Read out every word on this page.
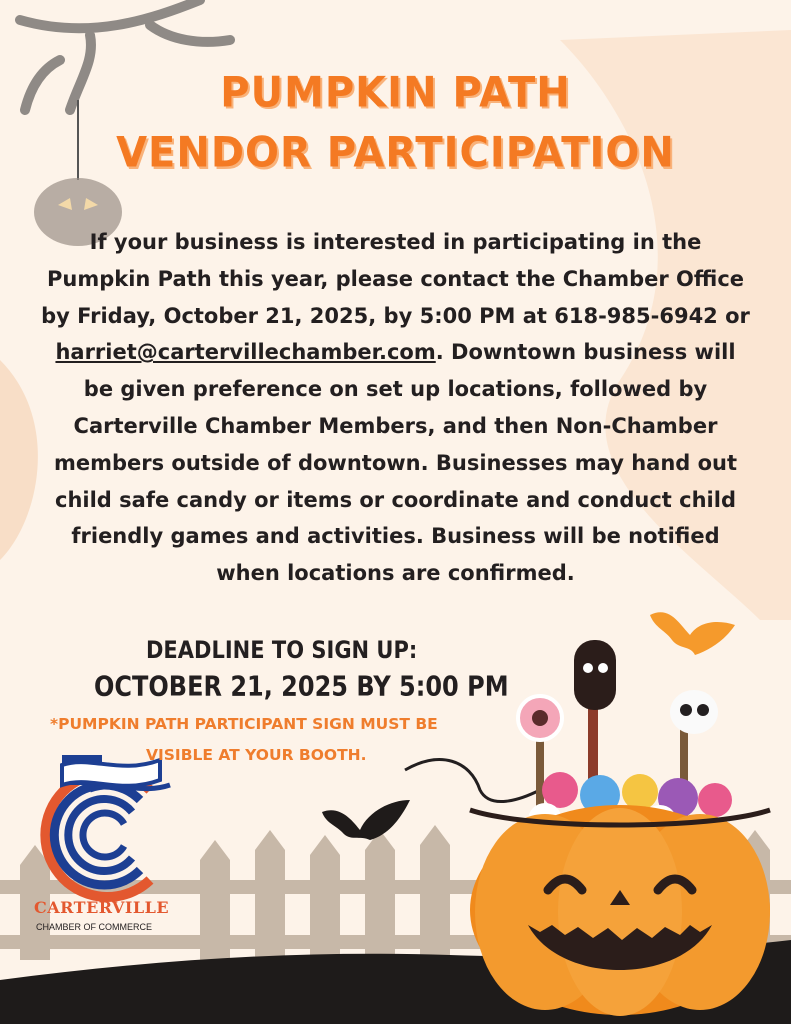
PUMPKIN PATH
VENDOR PARTICIPATION

If your business is interested in participating in the Pumpkin Path this year, please contact the Chamber Office by Friday, October 21, 2025, by 5:00 PM at 618-985-6942 or harriet@cartervillechamber.com. Downtown business will be given preference on set up locations, followed by Carterville Chamber Members, and then Non-Chamber members outside of downtown. Businesses may hand out child safe candy or items or coordinate and conduct child friendly games and activities. Business will be notified when locations are confirmed.

DEADLINE TO SIGN UP:
OCTOBER 21, 2025 BY 5:00 PM
*PUMPKIN PATH PARTICIPANT SIGN MUST BE
VISIBLE AT YOUR BOOTH.

CARTERVILLE

CHAMBER OF COMMERCE
